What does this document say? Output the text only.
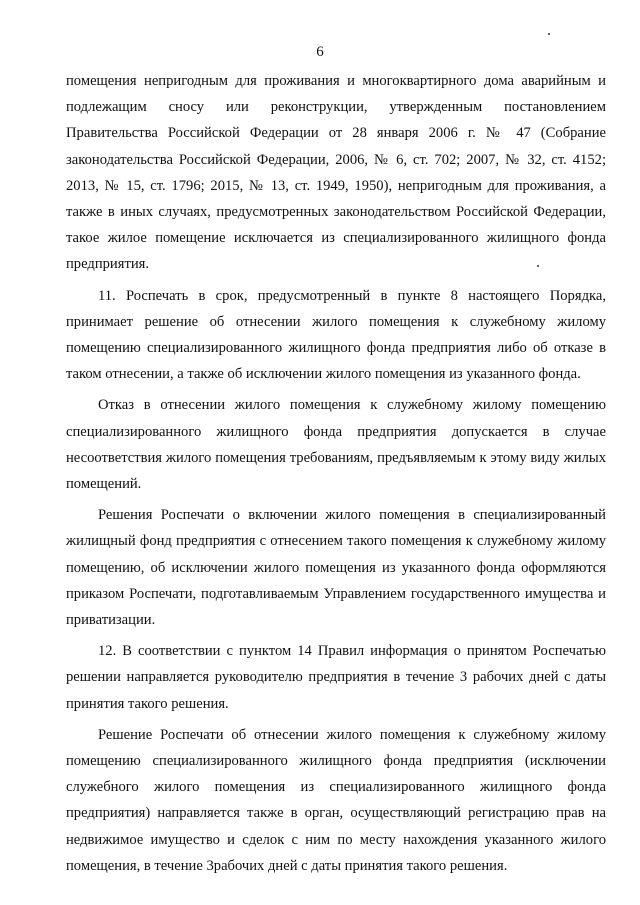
6

помещения непригодным для проживания и многоквартирного дома аварийным и подлежащим сносу или реконструкции, утвержденным постановлением Правительства Российской Федерации от 28 января 2006 г. № 47 (Собрание законодательства Российской Федерации, 2006, № 6, ст. 702; 2007, № 32, ст. 4152; 2013, № 15, ст. 1796; 2015, № 13, ст. 1949, 1950), непригодным для проживания, а также в иных случаях, предусмотренных законодательством Российской Федерации, такое жилое помещение исключается из специализированного жилищного фонда предприятия.

11. Роспечать в срок, предусмотренный в пункте 8 настоящего Порядка, принимает решение об отнесении жилого помещения к служебному жилому помещению специализированного жилищного фонда предприятия либо об отказе в таком отнесении, а также об исключении жилого помещения из указанного фонда.

Отказ в отнесении жилого помещения к служебному жилому помещению специализированного жилищного фонда предприятия допускается в случае несоответствия жилого помещения требованиям, предъявляемым к этому виду жилых помещений.

Решения Роспечати о включении жилого помещения в специализированный жилищный фонд предприятия с отнесением такого помещения к служебному жилому помещению, об исключении жилого помещения из указанного фонда оформляются приказом Роспечати, подготавливаемым Управлением государственного имущества и приватизации.

12. В соответствии с пунктом 14 Правил информация о принятом Роспечатью решении направляется руководителю предприятия в течение 3 рабочих дней с даты принятия такого решения.

Решение Роспечати об отнесении жилого помещения к служебному жилому помещению специализированного жилищного фонда предприятия (исключении служебного жилого помещения из специализированного жилищного фонда предприятия) направляется также в орган, осуществляющий регистрацию прав на недвижимое имущество и сделок с ним по месту нахождения указанного жилого помещения, в течение 3рабочих дней с даты принятия такого решения.
